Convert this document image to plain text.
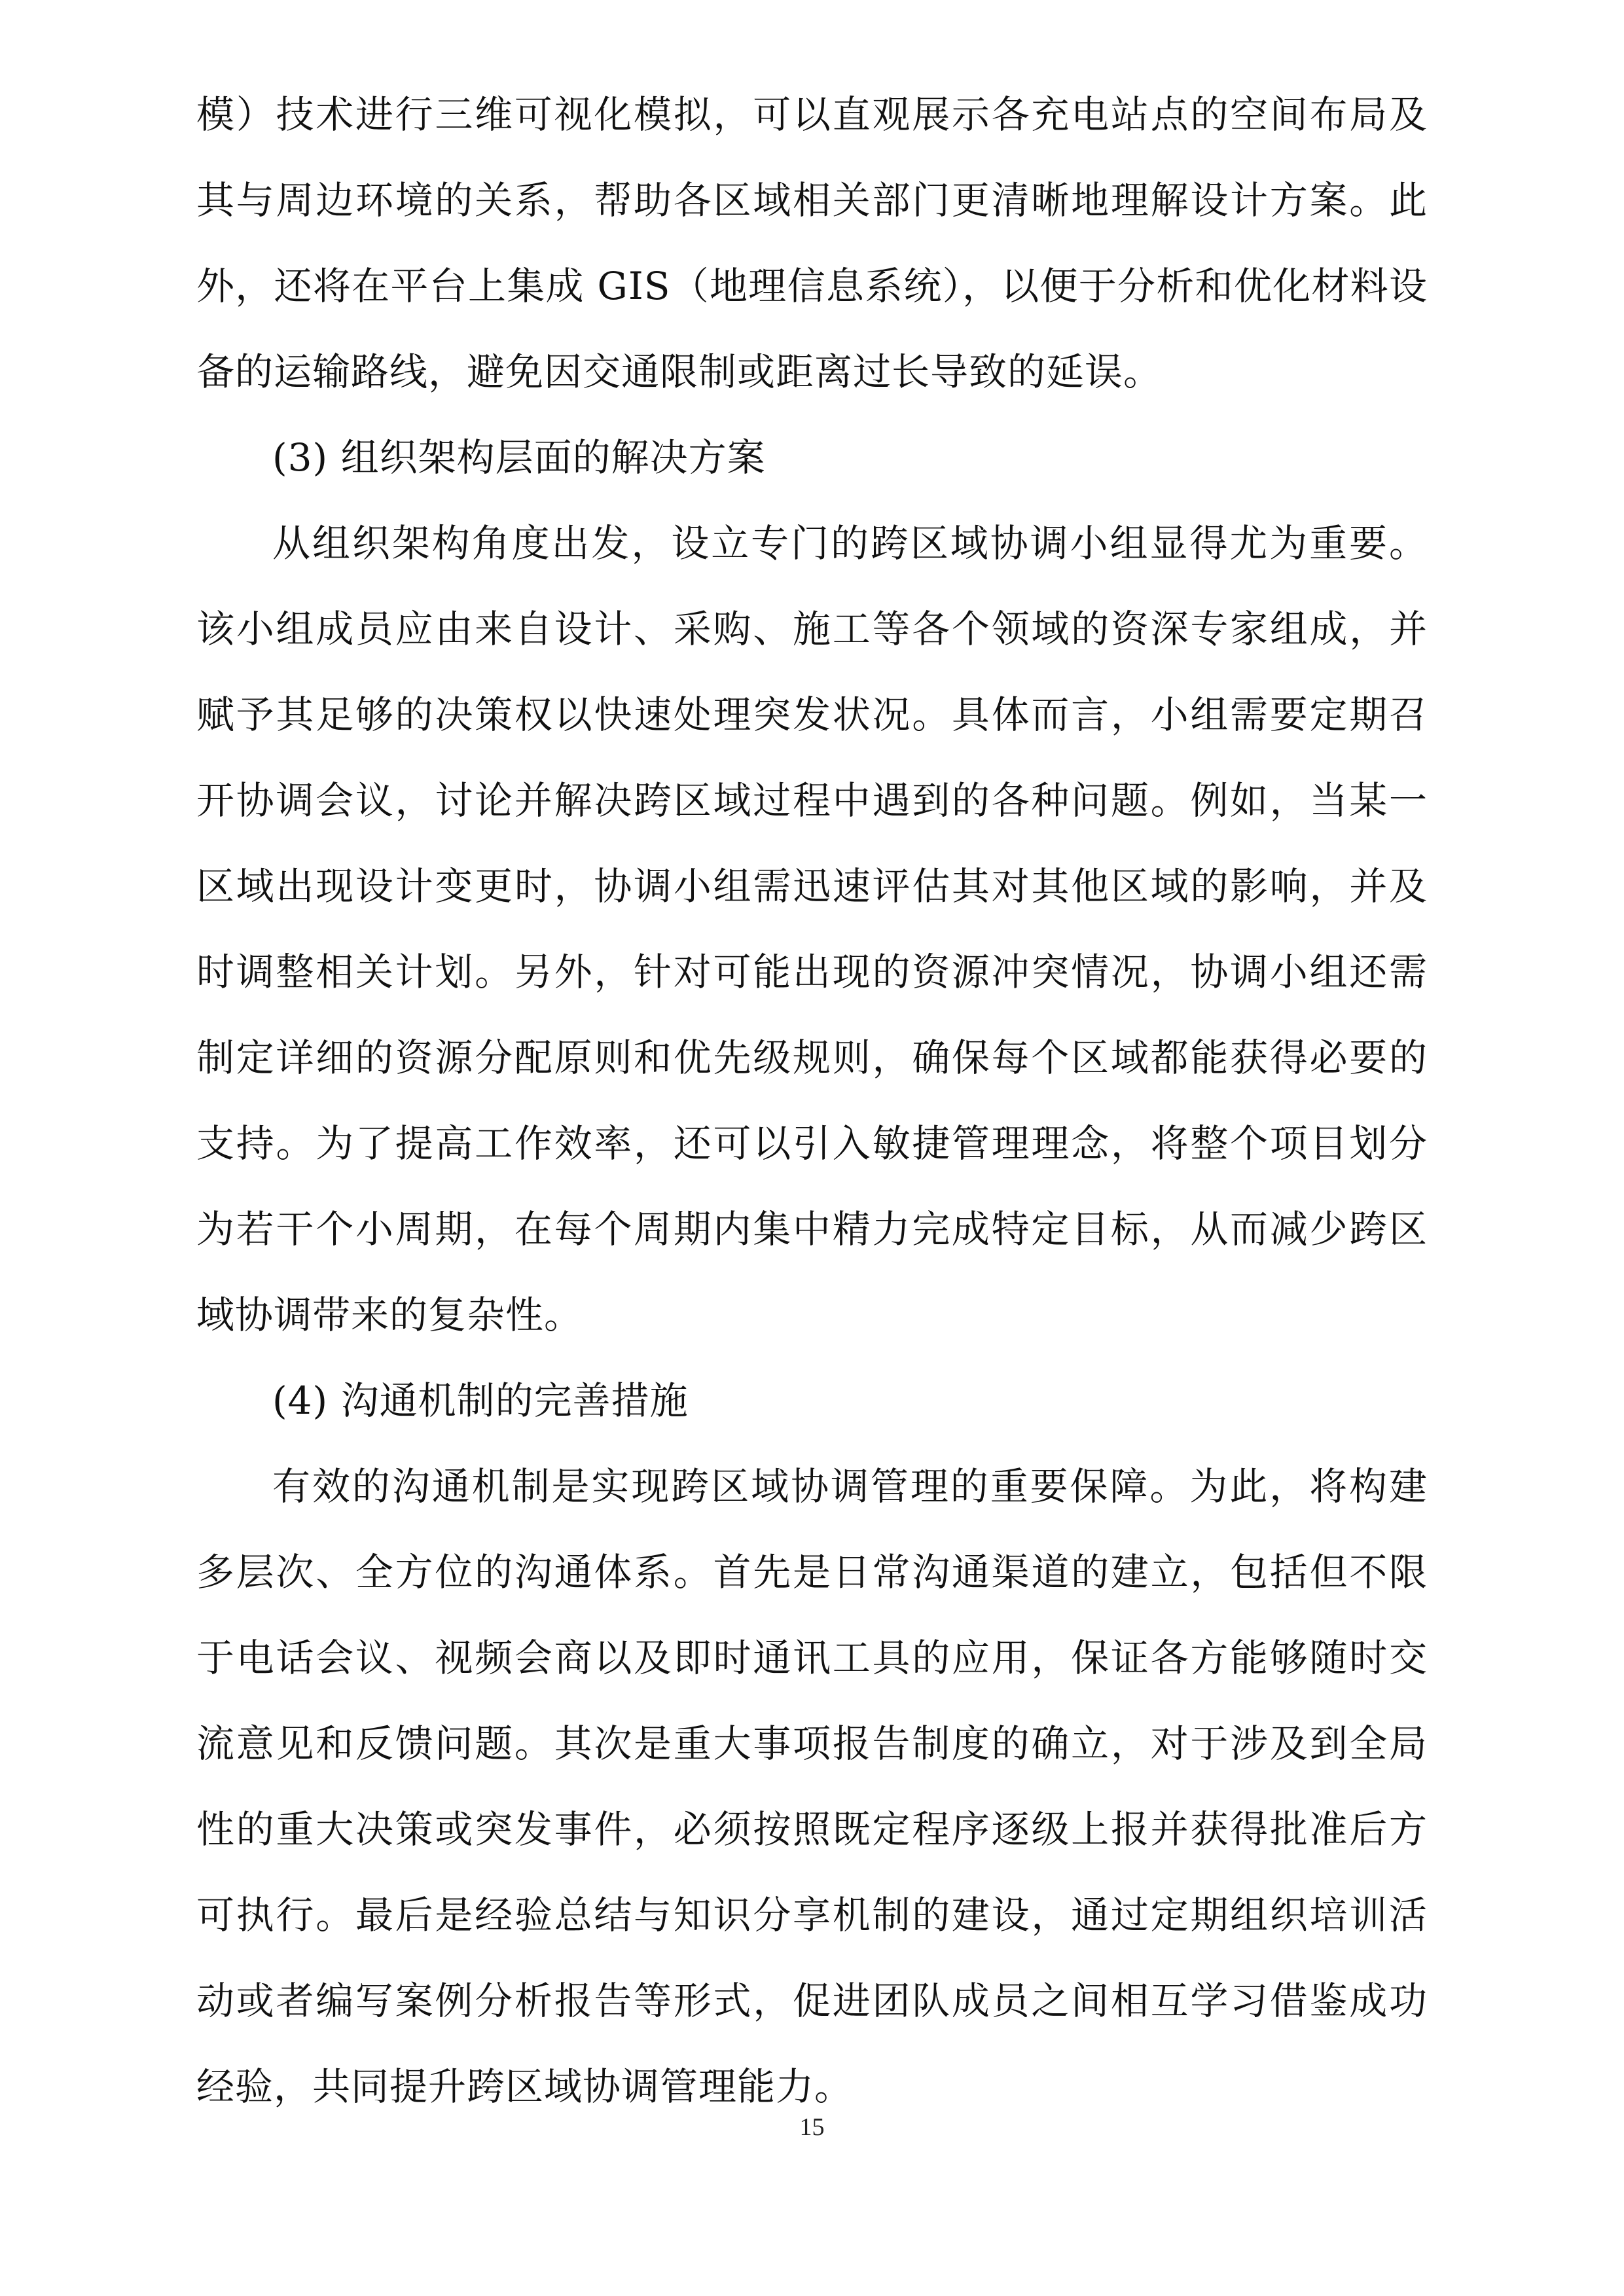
模）技术进行三维可视化模拟，可以直观展示各充电站点的空间布局及其与周边环境的关系，帮助各区域相关部门更清晰地理解设计方案。此外，还将在平台上集成 GIS（地理信息系统），以便于分析和优化材料设备的运输路线，避免因交通限制或距离过长导致的延误。

(3) 组织架构层面的解决方案

从组织架构角度出发，设立专门的跨区域协调小组显得尤为重要。该小组成员应由来自设计、采购、施工等各个领域的资深专家组成，并赋予其足够的决策权以快速处理突发状况。具体而言，小组需要定期召开协调会议，讨论并解决跨区域过程中遇到的各种问题。例如，当某一区域出现设计变更时，协调小组需迅速评估其对其他区域的影响，并及时调整相关计划。另外，针对可能出现的资源冲突情况，协调小组还需制定详细的资源分配原则和优先级规则，确保每个区域都能获得必要的支持。为了提高工作效率，还可以引入敏捷管理理念，将整个项目划分为若干个小周期，在每个周期内集中精力完成特定目标，从而减少跨区域协调带来的复杂性。

(4) 沟通机制的完善措施

有效的沟通机制是实现跨区域协调管理的重要保障。为此，将构建多层次、全方位的沟通体系。首先是日常沟通渠道的建立，包括但不限于电话会议、视频会商以及即时通讯工具的应用，保证各方能够随时交流意见和反馈问题。其次是重大事项报告制度的确立，对于涉及到全局性的重大决策或突发事件，必须按照既定程序逐级上报并获得批准后方可执行。最后是经验总结与知识分享机制的建设，通过定期组织培训活动或者编写案例分析报告等形式，促进团队成员之间相互学习借鉴成功经验，共同提升跨区域协调管理能力。

15
